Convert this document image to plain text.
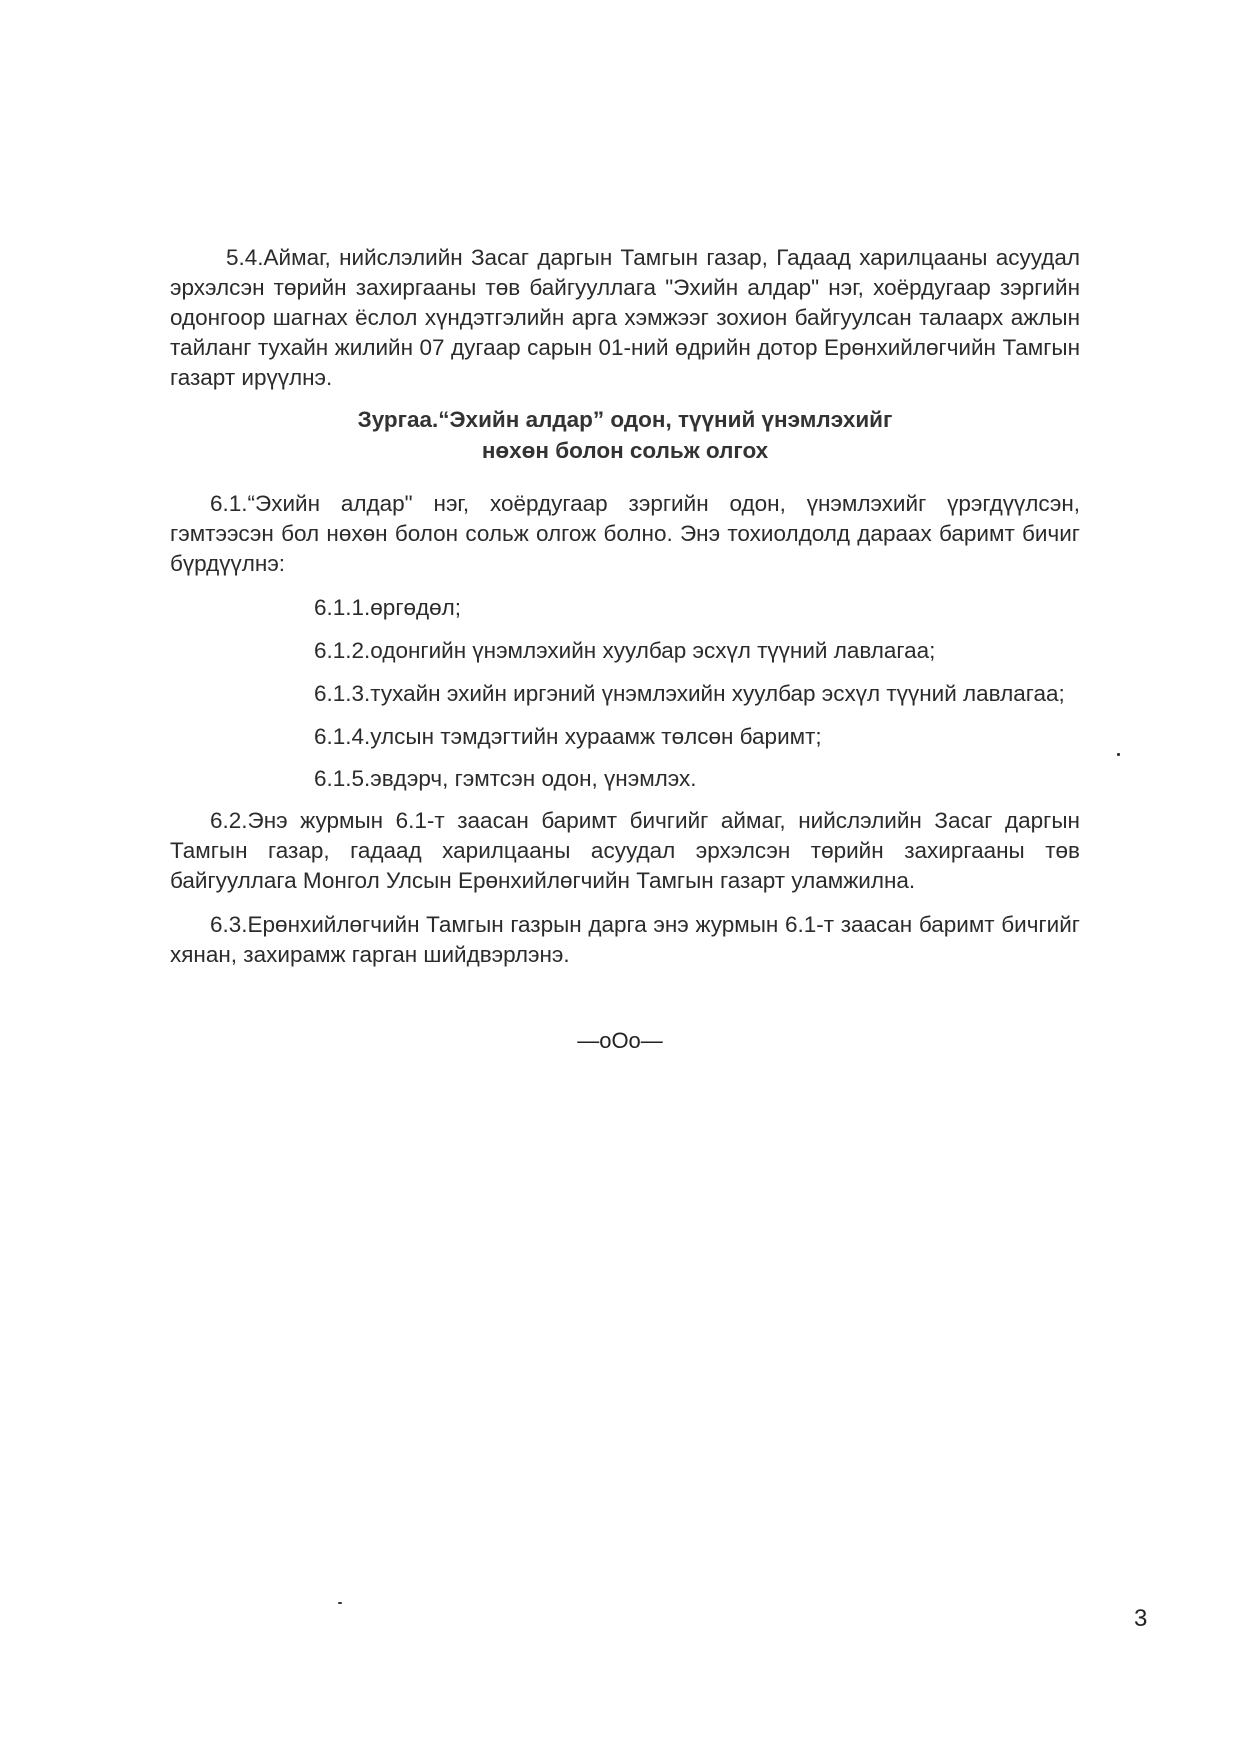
5.4.Аймаг, нийслэлийн Засаг даргын Тамгын газар, Гадаад харилцааны асуудал эрхэлсэн төрийн захиргааны төв байгууллага "Эхийн алдар" нэг, хоёрдугаар зэргийн одонгоор шагнах ёслол хүндэтгэлийн арга хэмжээг зохион байгуулсан талаарх ажлын тайланг тухайн жилийн 07 дугаар сарын 01-ний өдрийн дотор Ерөнхийлөгчийн Тамгын газарт ирүүлнэ.
Зургаа.“Эхийн алдар” одон, түүний үнэмлэхийг
нөхөн болон сольж олгох
6.1.“Эхийн алдар" нэг, хоёрдугаар зэргийн одон, үнэмлэхийг үрэгдүүлсэн, гэмтээсэн бол нөхөн болон сольж олгож болно. Энэ тохиолдолд дараах баримт бичиг бүрдүүлнэ:
6.1.1.өргөдөл;
6.1.2.одонгийн үнэмлэхийн хуулбар эсхүл түүний лавлагаа;
6.1.3.тухайн эхийн иргэний үнэмлэхийн хуулбар эсхүл түүний лавлагаа;
6.1.4.улсын тэмдэгтийн хураамж төлсөн баримт;
6.1.5.эвдэрч, гэмтсэн одон, үнэмлэх.
6.2.Энэ журмын 6.1-т заасан баримт бичгийг аймаг, нийслэлийн Засаг даргын Тамгын газар, гадаад харилцааны асуудал эрхэлсэн төрийн захиргааны төв байгууллага Монгол Улсын Ерөнхийлөгчийн Тамгын газарт уламжилна.
6.3.Ерөнхийлөгчийн Тамгын газрын дарга энэ журмын 6.1-т заасан баримт бичгийг хянан, захирамж гарган шийдвэрлэнэ.
—oOo—
3
